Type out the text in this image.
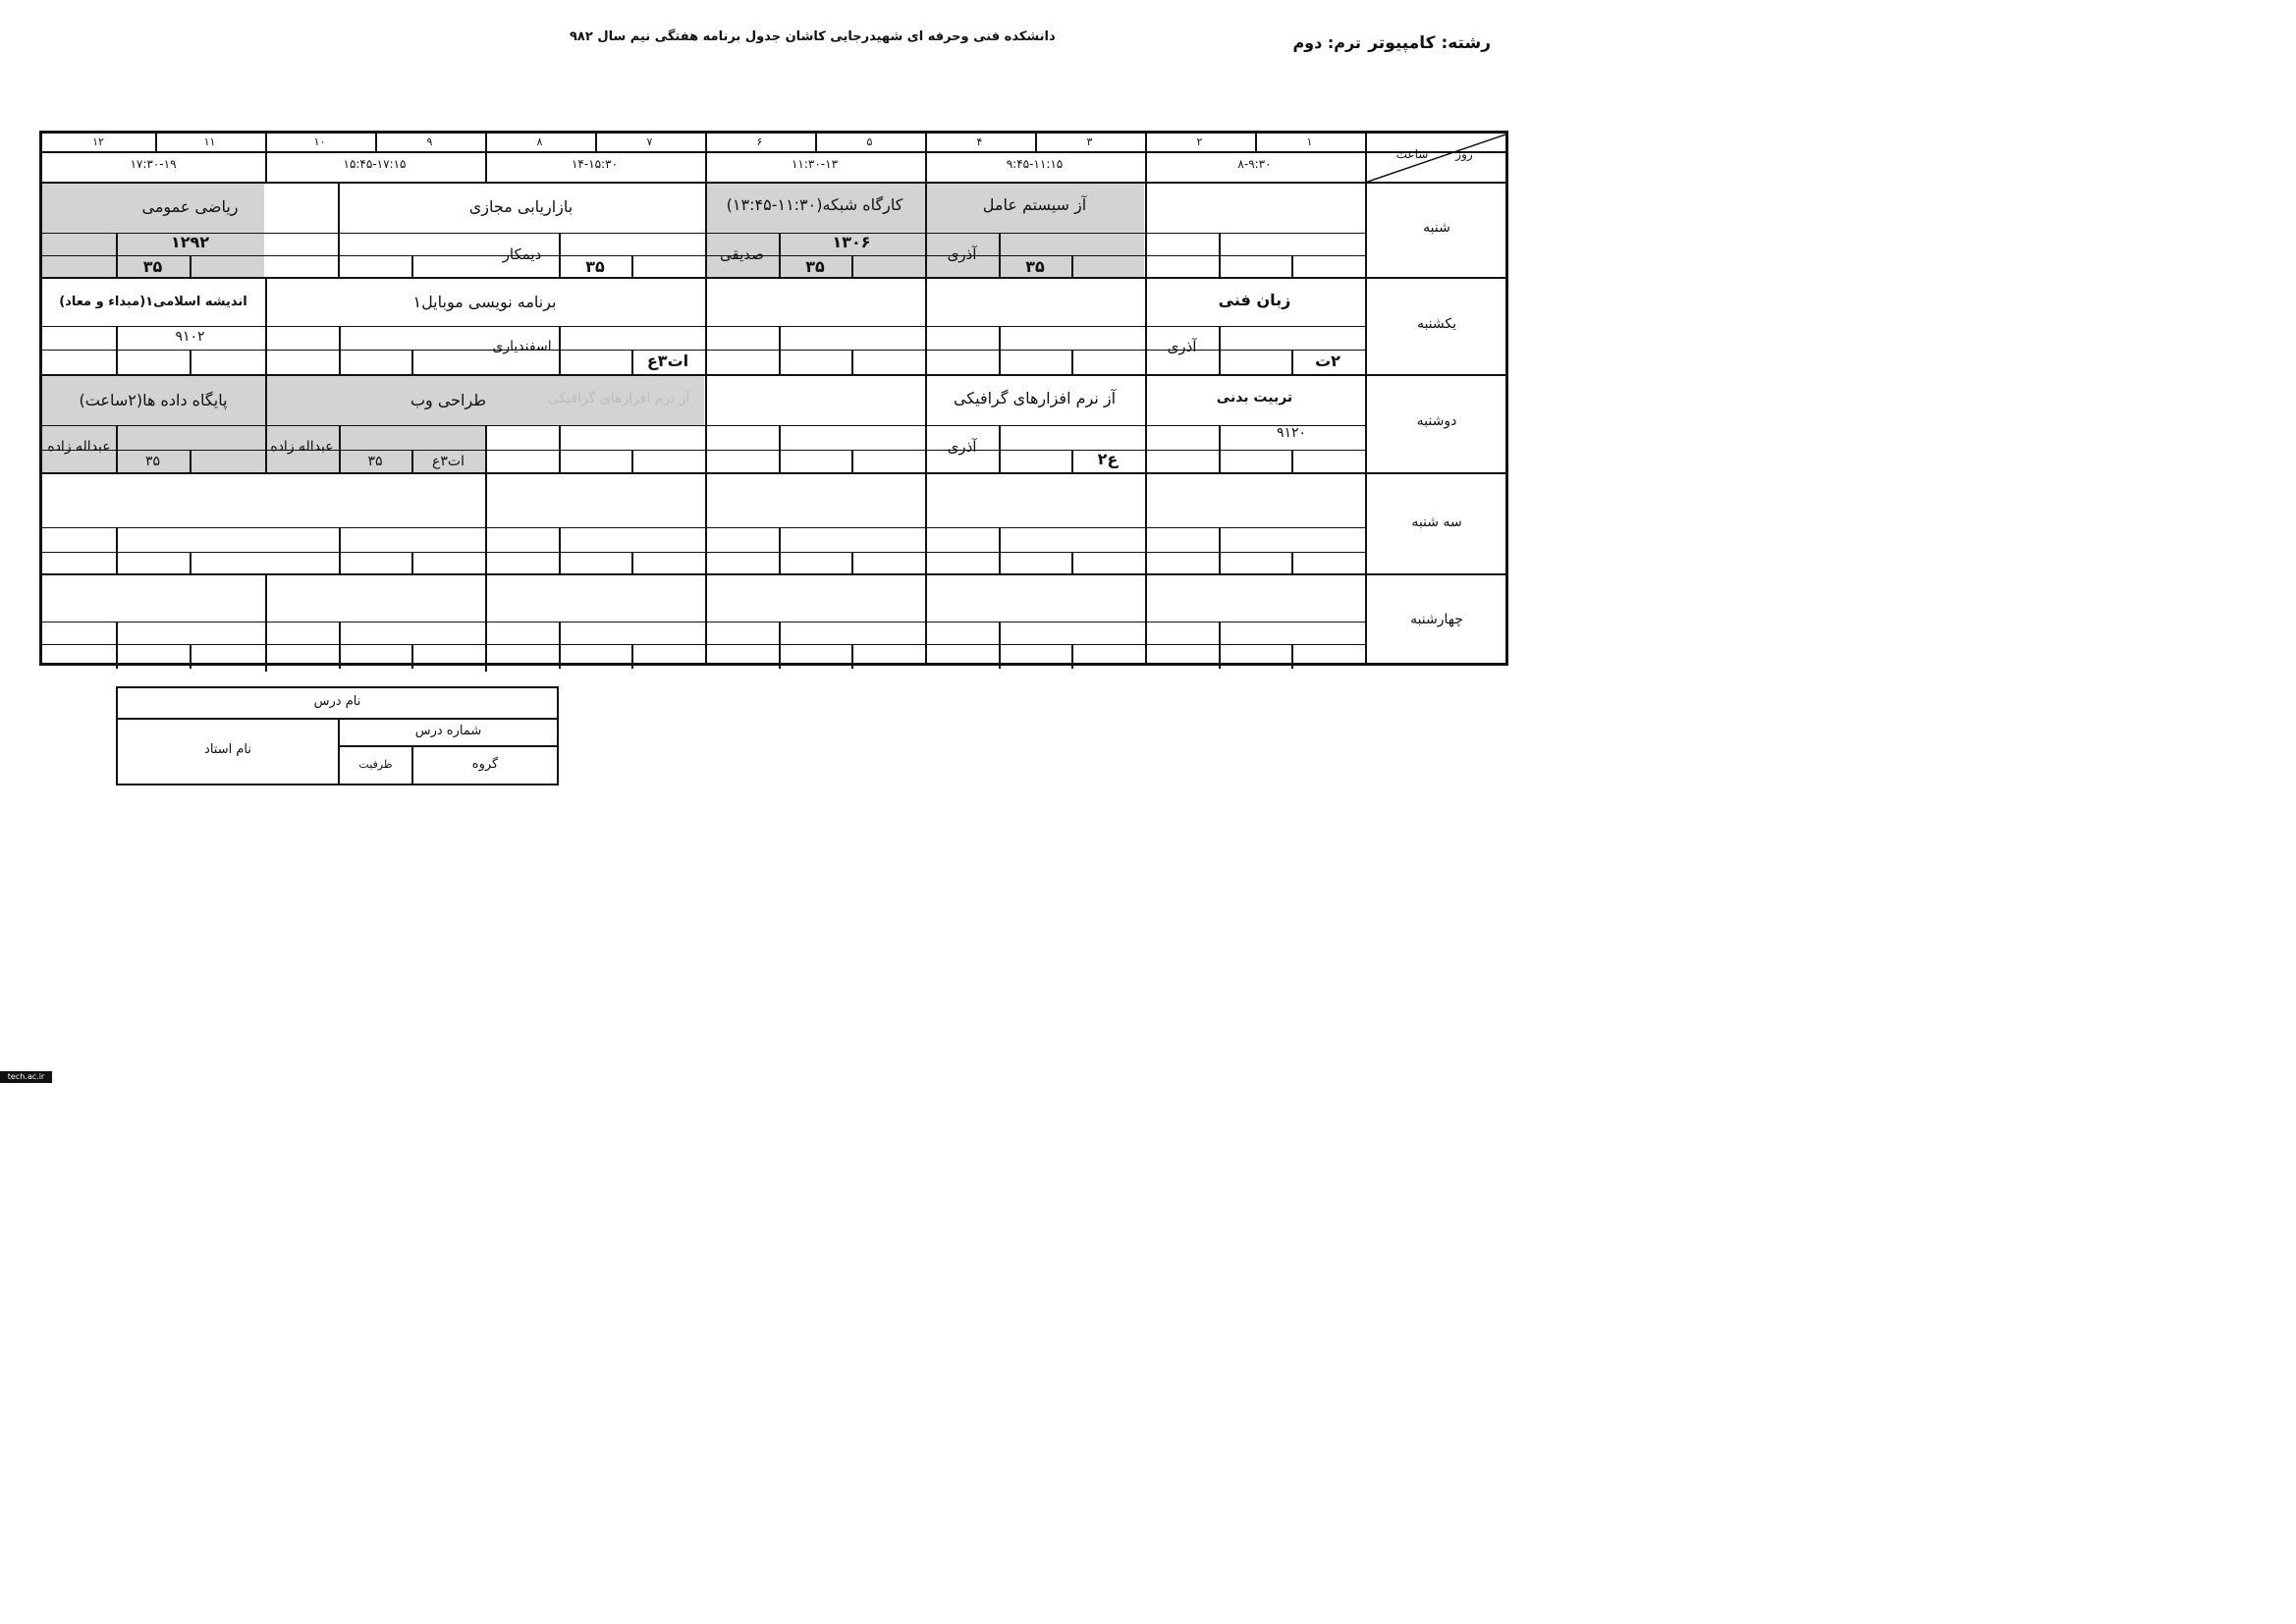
رشته: کامپیوتر
ترم: دوم
دانشکده فنی وحرفه ای شهیدرجایی کاشان جدول برنامه هفتگی نیم سال ۹۸۲
۱
۲
۳
۴
۵
۶
۷
۸
۹
۱۰
۱۱
۱۲
۸-۹:۳۰
۹:۴۵-۱۱:۱۵
۱۱:۳۰-۱۳
۱۴-۱۵:۳۰
۱۵:۴۵-۱۷:۱۵
۱۷:۳۰-۱۹
روز
ساعت
شنبه
یکشنبه
دوشنبه
سه شنبه
چهارشنبه
آز سیستم عامل
آذری
۳۵
کارگاه شبکه(۱۱:۳۰-۱۳:۴۵)
۱۳۰۶
صدیقی
۳۵
بازاریابی مجازی
دیمکار
۳۵
ریاضی عمومی
۱۲۹۲
۳۵
زبان فنی
آذری
۲ت
برنامه نویسی موبایل۱
اسفندیاری
ات۳ع
اندیشه اسلامی۱(مبداء و معاد)
۹۱۰۲
تربیت بدنی
۹۱۲۰
آز نرم افزارهای گرافیکی
آذری
ع۲
آز نرم افزارهای گرافیکی
طراحی وب
عبداله زاده
۳۵	ات۳ع
پایگاه داده ها(۲ساعت)
عبداله زاده
۳۵
نام درس
شماره درس
نام استاد
ظرفیت	گروه
tech.ac.ir
